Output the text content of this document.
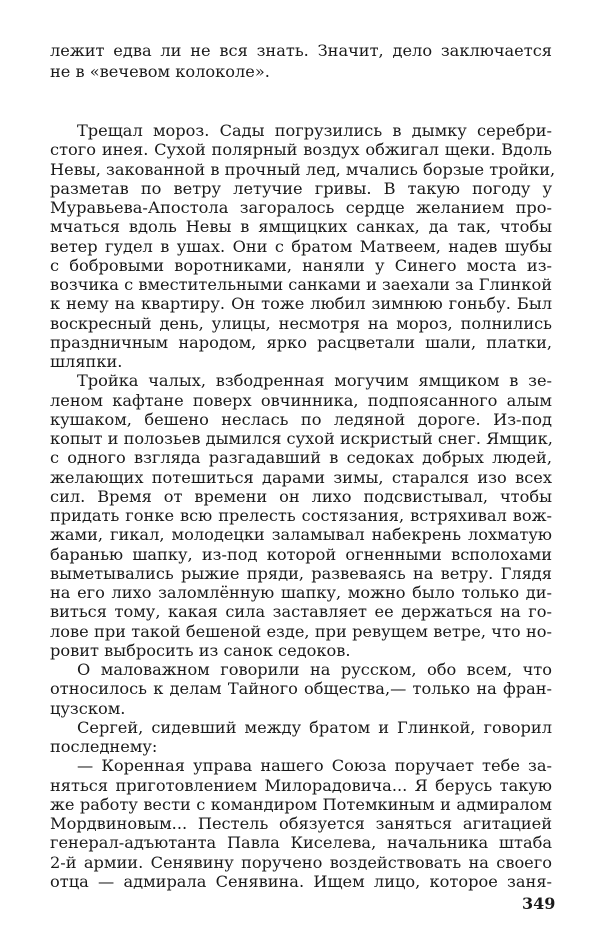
лежит едва ли не вся знать. Значит, дело заключается
не в «вечевом колоколе».
Трещал мороз. Сады погрузились в дымку серебри-
стого инея. Сухой полярный воздух обжигал щеки. Вдоль
Невы, закованной в прочный лед, мчались борзые тройки,
разметав по ветру летучие гривы. В такую погоду у
Муравьева-Апостола загоралось сердце желанием про-
мчаться вдоль Невы в ямщицких санках, да так, чтобы
ветер гудел в ушах. Они с братом Матвеем, надев шубы
с бобровыми воротниками, наняли у Синего моста из-
возчика с вместительными санками и заехали за Глинкой
к нему на квартиру. Он тоже любил зимнюю гоньбу. Был
воскресный день, улицы, несмотря на мороз, полнились
праздничным народом, ярко расцветали шали, платки,
шляпки.
Тройка чалых, взбодренная могучим ямщиком в зе-
леном кафтане поверх овчинника, подпоясанного алым
кушаком, бешено неслась по ледяной дороге. Из-под
копыт и полозьев дымился сухой искристый снег. Ямщик,
с одного взгляда разгадавший в седоках добрых людей,
желающих потешиться дарами зимы, старался изо всех
сил. Время от времени он лихо подсвистывал, чтобы
придать гонке всю прелесть состязания, встряхивал вож-
жами, гикал, молодецки заламывал набекрень лохматую
баранью шапку, из-под которой огненными всполохами
выметывались рыжие пряди, развеваясь на ветру. Глядя
на его лихо заломлённую шапку, можно было только ди-
виться тому, какая сила заставляет ее держаться на го-
лове при такой бешеной езде, при ревущем ветре, что но-
ровит выбросить из санок седоков.
О маловажном говорили на русском, обо всем, что
относилось к делам Тайного общества,— только на фран-
цузском.
Сергей, сидевший между братом и Глинкой, говорил
последнему:
— Коренная управа нашего Союза поручает тебе за-
няться приготовлением Милорадовича... Я берусь такую
же работу вести с командиром Потемкиным и адмиралом
Мордвиновым... Пестель обязуется заняться агитацией
генерал-адъютанта Павла Киселева, начальника штаба
2-й армии. Сенявину поручено воздействовать на своего
отца — адмирала Сенявина. Ищем лицо, которое заня-
349
